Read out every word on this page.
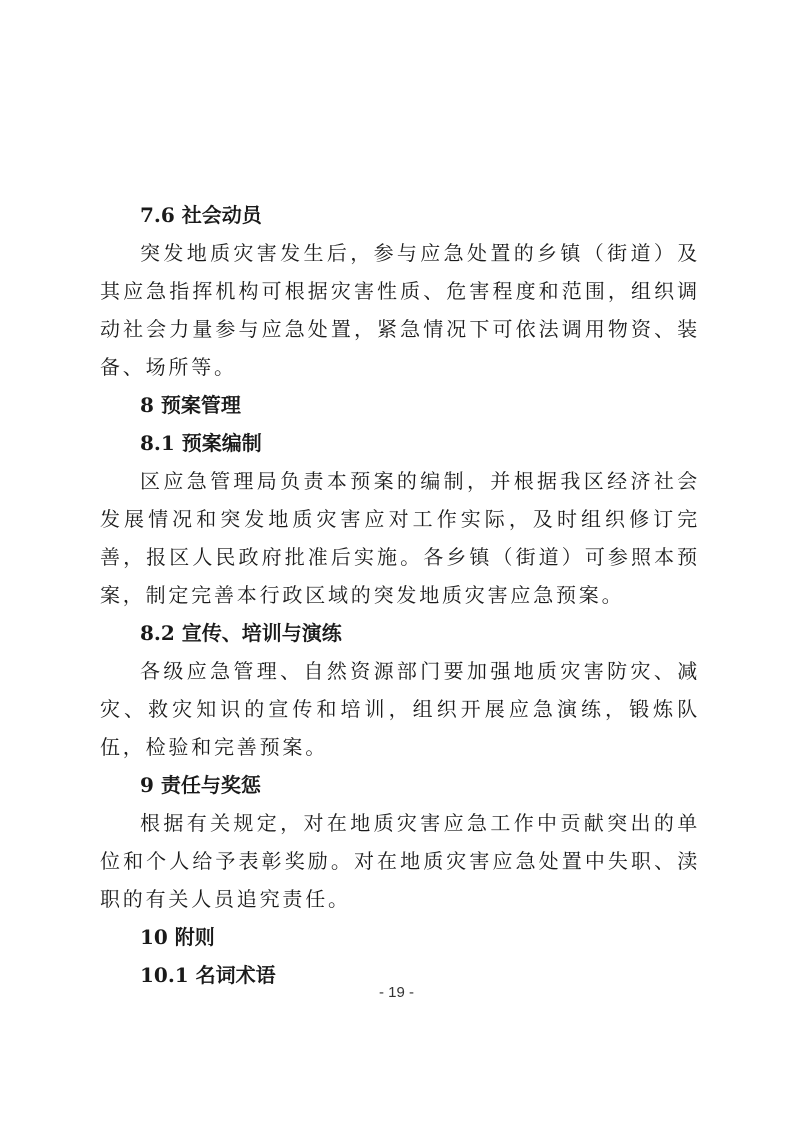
7.6 社会动员

突发地质灾害发生后，参与应急处置的乡镇（街道）及其应急指挥机构可根据灾害性质、危害程度和范围，组织调动社会力量参与应急处置，紧急情况下可依法调用物资、装备、场所等。

8 预案管理
8.1 预案编制

区应急管理局负责本预案的编制，并根据我区经济社会发展情况和突发地质灾害应对工作实际，及时组织修订完善，报区人民政府批准后实施。各乡镇（街道）可参照本预案，制定完善本行政区域的突发地质灾害应急预案。

8.2 宣传、培训与演练

各级应急管理、自然资源部门要加强地质灾害防灾、减灾、救灾知识的宣传和培训，组织开展应急演练，锻炼队伍，检验和完善预案。

9 责任与奖惩

根据有关规定，对在地质灾害应急工作中贡献突出的单位和个人给予表彰奖励。对在地质灾害应急处置中失职、渎职的有关人员追究责任。

10 附则
10.1 名词术语
- 19 -
